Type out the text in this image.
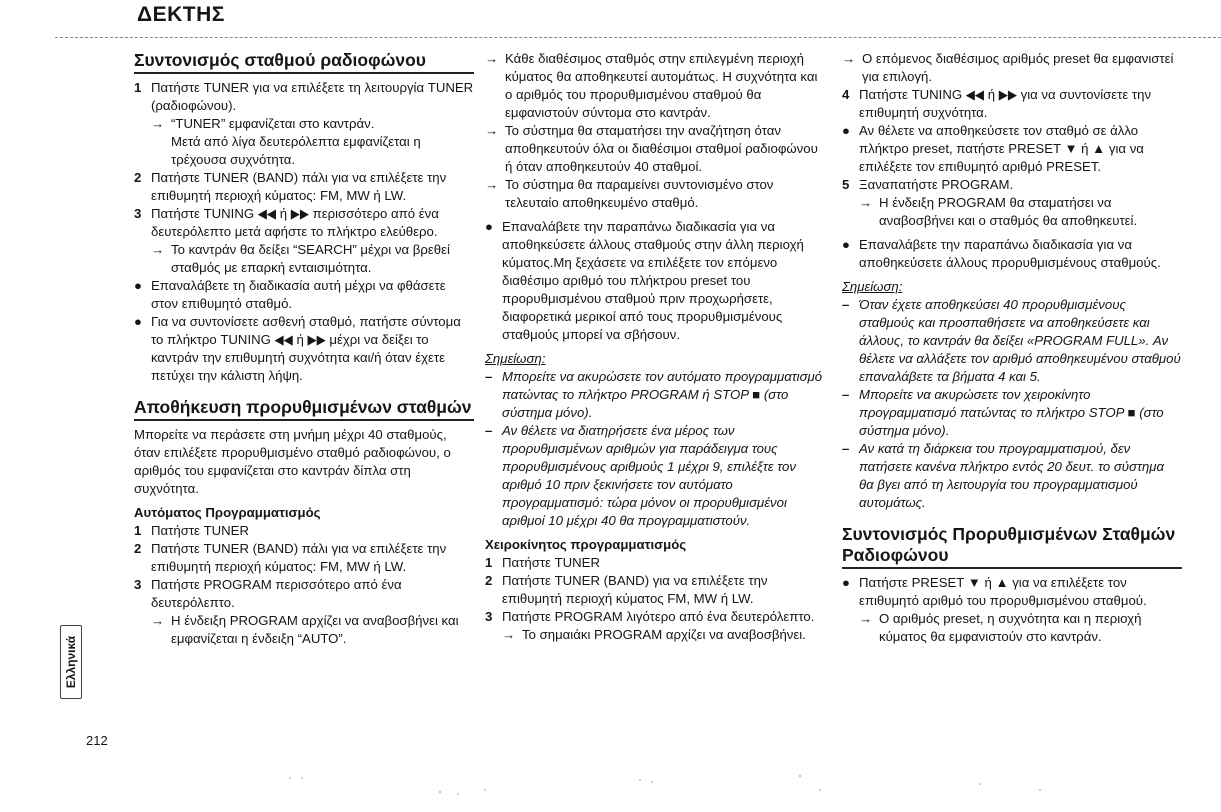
ΔΕΚΤΗΣ
Συντονισμός σταθμού ραδιοφώνου

1 Πατήστε TUNER για να επιλέξετε τη λειτουργία TUNER (ραδιοφώνου).

→ “TUNER” εμφανίζεται στο καντράν.

Μετά από λίγα δευτερόλεπτα εμφανίζεται η τρέχουσα συχνότητα.

2 Πατήστε TUNER (BAND) πάλι για να επιλέξετε την επιθυμητή περιοχή κύματος: FM, MW ή LW.

3 Πατήστε TUNING ◀◀ ή ▶▶ περισσότερο από ένα δευτερόλεπτο μετά αφήστε το πλήκτρο ελεύθερο.

→ Το καντράν θα δείξει “SEARCH” μέχρι να βρεθεί σταθμός με επαρκή ενταισιμότητα.

● Επαναλάβετε τη διαδικασία αυτή μέχρι να φθάσετε στον επιθυμητό σταθμό.

● Για να συντονίσετε ασθενή σταθμό, πατήστε σύντομα το πλήκτρο TUNING ◀◀ ή ▶▶ μέχρι να δείξει το καντράν την επιθυμητή συχνότητα και/ή όταν έχετε πετύχει την κάλιστη λήψη.

Αποθήκευση προρυθμισμένων σταθμών

Μπορείτε να περάσετε στη μνήμη μέχρι 40 σταθμούς, όταν επιλέξετε προρυθμισμένο σταθμό ραδιοφώνου, ο αριθμός του εμφανίζεται στο καντράν δίπλα στη συχνότητα.

Αυτόματος Προγραμματισμός

1 Πατήστε TUNER

2 Πατήστε TUNER (BAND) πάλι για να επιλέξετε την επιθυμητή περιοχή κύματος: FM, MW ή LW.

3 Πατήστε PROGRAM περισσότερο από ένα δευτερόλεπτο.

→ Η ένδειξη PROGRAM αρχίζει να αναβοσβήνει και εμφανίζεται η ένδειξη “AUTO”.

→ Κάθε διαθέσιμος σταθμός στην επιλεγμένη περιοχή κύματος θα αποθηκευτεί αυτομάτως. Η συχνότητα και ο αριθμός του προρυθμισμένου σταθμού θα εμφανιστούν σύντομα στο καντράν.

→ Το σύστημα θα σταματήσει την αναζήτηση όταν αποθηκευτούν όλα οι διαθέσιμοι σταθμοί ραδιοφώνου ή όταν αποθηκευτούν 40 σταθμοί.

→ Το σύστημα θα παραμείνει συντονισμένο στον τελευταίο αποθηκευμένο σταθμό.

● Επαναλάβετε την παραπάνω διαδικασία για να αποθηκεύσετε άλλους σταθμούς στην άλλη περιοχή κύματος.Μη ξεχάσετε να επιλέξετε τον επόμενο διαθέσιμο αριθμό του πλήκτρου preset του προρυθμισμένου σταθμού πριν προχωρήσετε, διαφορετικά μερικοί από τους προρυθμισμένους σταθμούς μπορεί να σβήσουν.

Σημείωση:

– Μπορείτε να ακυρώσετε τον αυτόματο προγραμματισμό πατώντας το πλήκτρο PROGRAM ή STOP ■ (στο σύστημα μόνο).

– Αν θέλετε να διατηρήσετε ένα μέρος των προρυθμισμένων αριθμών για παράδειγμα τους προρυθμισμένους αριθμούς 1 μέχρι 9, επιλέξτε τον αριθμό 10 πριν ξεκινήσετε τον αυτόματο προγραμματισμό: τώρα μόνον οι προρυθμισμένοι αριθμοί 10 μέχρι 40 θα προγραμματιστούν.

Χειροκίνητος προγραμματισμός

1 Πατήστε TUNER

2 Πατήστε TUNER (BAND) για να επιλέξετε την επιθυμητή περιοχή κύματος FM, MW ή LW.

3 Πατήστε PROGRAM λιγότερο από ένα δευτερόλεπτο.

→ Το σημαιάκι PROGRAM αρχίζει να αναβοσβήνει.

→ Ο επόμενος διαθέσιμος αριθμός preset θα εμφανιστεί για επιλογή.

4 Πατήστε TUNING ◀◀ ή ▶▶ για να συντονίσετε την επιθυμητή συχνότητα.

● Αν θέλετε να αποθηκεύσετε τον σταθμό σε άλλο πλήκτρο preset, πατήστε PRESET ▼ ή ▲ για να επιλέξετε τον επιθυμητό αριθμό PRESET.

5 Ξαναπατήστε PROGRAM.

→ Η ένδειξη PROGRAM θα σταματήσει να αναβοσβήνει και ο σταθμός θα αποθηκευτεί.

● Επαναλάβετε την παραπάνω διαδικασία για να αποθηκεύσετε άλλους προρυθμισμένους σταθμούς.

Σημείωση:

– Όταν έχετε αποθηκεύσει 40 προρυθμισμένους σταθμούς και προσπαθήσετε να αποθηκεύσετε και άλλους, το καντράν θα δείξει «PROGRAM FULL». Αν θέλετε να αλλάξετε τον αριθμό αποθηκευμένου σταθμού επαναλάβετε τα βήματα 4 και 5.

– Μπορείτε να ακυρώσετε τον χειροκίνητο προγραμματισμό πατώντας το πλήκτρο STOP ■ (στο σύστημα μόνο).

– Αν κατά τη διάρκεια του προγραμματισμού, δεν πατήσετε κανένα πλήκτρο εντός 20 δευτ. το σύστημα θα βγει από τη λειτουργία του προγραμματισμού αυτομάτως.

Συντονισμός Προρυθμισμένων Σταθμών Ραδιοφώνου

● Πατήστε PRESET ▼ ή ▲ για να επιλέξετε τον επιθυμητό αριθμό του προρυθμισμένου σταθμού.

→ Ο αριθμός preset, η συχνότητα και η περιοχή κύματος θα εμφανιστούν στο καντράν.

Ελληνικά
212
